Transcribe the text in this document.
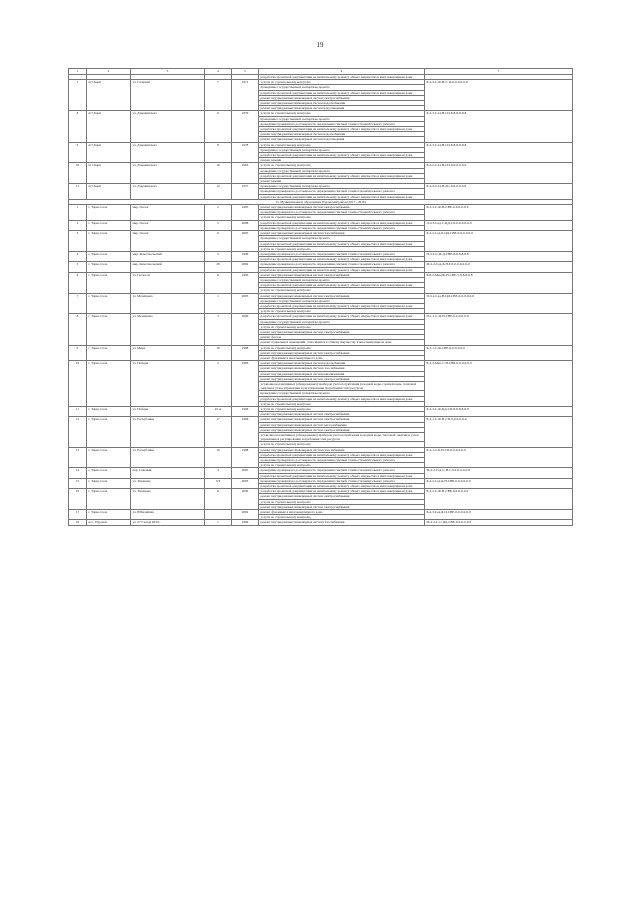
19
1	2	3	4	5	6	7
					разработка проектной документации на капитальному ремонту общего имущества в многоквартирном доме	
7	пгт.Хари	ул. Гагарина	7	1971	услуги по строительному контролю	Б-3-3-С-Ф-Н-С-П-0-0-0-0-0-0
					проведение государственной экспертизы проекта	
					разработка проектной документации на капитальному ремонту общего имущества в многоквартирном доме	
					ремонт внутридомовых инженерных систем электроснабжения	
					ремонт внутридомовых инженерных систем водоснабжения	
					ремонт внутридомовых инженерных систем водоотведения	
8	пгт.Хари	ул. Дзержинского	6	1979	услуги по строительному контролю	Б-3-3-С-Ц-Н-СП-8-8-8-8-8-8
					проведение государственной экспертизы проекта	
					проведение проверки на достоверность определения сметной стоимости капитального ремонта	
					разработка проектной документации на капитальному ремонту общего имущества в многоквартирном доме	
					ремонт внутридомовых инженерных систем водоснабжения	
					ремонт внутридомовых инженерных систем водоотведения	
9	пгт.Хари	ул. Дзержинского	8	1978	услуги по строительному контролю	Б-3-3-С-Ц-Н-СП-8-8-8-8-8-8
					проведение государственной экспертизы проекта	
					разработка проектной документации на капитальному ремонту общего имущества в многоквартирном доме	
					ремонт крыши	
10	пгт.Хари	ул. Дзержинского	10	1963	услуги по строительному контролю	Б-2-2-С-Ц-Н-СП-0-0-0-0-0-0
					проведение государственной экспертизы проекта	
					разработка проектной документации на капитальному ремонту общего имущества в многоквартирном доме	
					ремонт крыши	
11	пгт.Хари	ул. Дзержинского	12	1975	проведение государственной экспертизы проекта	Б-3-4-С-Ц-Н-ДС-0-0-0-0-0-0
					проведение проверки на достоверность определения сметной стоимости капитального ремонта	
					разработка проектной документации на капитальному ремонту общего имущества в многоквартирном доме	
15. Муниципальное образование Пуровский район (2017 - 2019)						
1	г. Тарко-Сале	мкр. Геолог	2	1995	ремонт внутридомовых инженерных систем электроснабжения	Б-3-3-С-Ф-Н-СВЕ-0-0-0-0-0-0
					проведение проверки на достоверность определения сметной стоимости капитального ремонта	
					услуги по строительному контролю	
2	г. Тарко-Сале	мкр. Геолог	5	2008	разработка проектной документации на капитальному ремонту общего имущества в многоквартирном доме	Л-4-3-Сед-С-ЦД-СЛ-0-0-0-0-0-0
					проведение проверки на достоверность определения сметной стоимости капитального ремонта	
3	г. Тарко-Сале	мкр. Геолог	6	2005	ремонт внутридомовых инженерных систем газоснабжения	Б-3-2-Сед-Б-ЦД-СВЕ-0-0-0-0-0-0
					проведение государственной экспертизы проекта	
					разработка проектной документации на капитальному ремонту общего имущества в многоквартирном доме	
					услуги по строительному контролю	
4	г. Тарко-Сале	мкр. Комсомольский	5	1999	проведение проверки на достоверность определения сметной стоимости капитального ремонта	П-3-2-С-Ф-Д-СВЕ-8-8-8-8-8-8
					разработка проектной документации на капитальному ремонту общего имущества в многоквартирном доме	
5	г. Тарко-Сале	мкр. Комсомольский	28	2002	проведение проверки на достоверность определения сметной стоимости капитального ремонта	М-2-2-Сед-Б-Н-СЛ-0-0-0-0-0-0
					разработка проектной документации на капитальному ремонту общего имущества в многоквартирном доме	
6	г. Тарко-Сале	ул. Геологов	11	1993	ремонт внутридомовых инженерных систем электроснабжения	Б-8-2-МеоуФ-Н-СВЕ-5-8-8-8-8-8
					проведение государственной экспертизы проекта	
					разработка проектной документации на капитальному ремонту общего имущества в многоквартирном доме	
					услуги по строительному контролю	
7	г. Тарко-Сале	ул. Мезенцева	1	2005	ремонт внутридомовых инженерных систем электроснабжения	П-3-2-Сед-Н-ЦД-СВЕ-0-0-0-0-0-0
					проведение государственной экспертизы проекта	
					разработка проектной документации на капитальному ремонту общего имущества в многоквартирном доме	
					услуги по строительному контролю	
8	г. Тарко-Сале	ул. Мезенцева	3	2000	разработка проектной документации на капитальному ремонту общего имущества в многоквартирном доме	П-1-1-С-Ц-Н-СВЕ-0-0-0-0-0-0
					проведение государственной экспертизы проекта	
					услуги по строительному контролю	
					ремонт внутридомовых инженерных систем электроснабжения	
					ремонт фасада	
					ремонт подвальных помещений, относящихся к общему имуществу в многоквартирном доме	
9	г. Тарко-Сале	ул. Мира	18	1998	услуги по строительному контролю	Б-3-1-С-Ф-СВЕ-0-0-0-0-0-0
					ремонт внутридомовых инженерных систем электроснабжения	
					ремонт фундамента многоквартирного дома	
10	г. Тарко-Сале	ул. Победы	2	1983	ремонт внутридомовых инженерных систем водоснабжения	Б-3-3-Меп-С-Н-СВБ-0-0-0-0-0-0
					ремонт внутридомовых инженерных систем газоснабжения	
					ремонт внутридомовых инженерных систем канализования	
					ремонт внутридомовых инженерных систем электроснабжения	
					установка коллективных (общедомовых) приборов учета потребления холодной воды, горячей воды, тепловой энергии и узлов управления и регулирования потребления этих ресурсов	
					проведение государственной экспертизы проекта	
					разработка проектной документации на капитальному ремонту общего имущества в многоквартирном доме	
					услуги по строительному контролю	
11	г. Тарко-Сале	ул. Победы	22 А	1996	услуги по строительному контролю	Б-3-3-С-Ф-ЦД-СП-8-8-8-8-8-8
					ремонт внутридомовых инженерных систем электроснабжения	
12	г. Тарко-Сале	ул. Республики	17	1996	ремонт внутридомовых инженерных систем электроснабжения	Б-3-1-С-Ф-Н-СП-0-0-0-0-0-0
					ремонт внутридомовых инженерных систем теплоснабжения	
					ремонт внутридомовых инженерных систем электроснабжения	
					установка коллективных (общедомовых) приборов учета потребления холодной воды, тепловой энергии и узлов управления и регулирования потребления этих ресурсов	
					услуги по строительному контролю	
13	г. Тарко-Сале	ул. Республики	19	1998	ремонт внутридомовых инженерных систем газоснабжения	Б-3-1-С-Б-Н-СП-0-0-0-0-0-0
					разработка проектной документации на капитальному ремонту общего имущества в многоквартирном доме	
					проведение проверки на достоверность определения сметной стоимости капитального ремонта	
					услуги по строительному контролю	
14	г. Тарко-Сале	пер. Cевеный	4	2005	проведение проверки на достоверность определения сметной стоимости капитального ремонта	М-2-2-Сед-С-Н-СЛ-0-0-0-0-0-0
					разработка проектной документации на капитальному ремонту общего имущества в многоквартирном доме	
15	г. Тарко-Сале	ул. Тиханова	3/3	2003	проведение проверки на достоверность определения сметной стоимости капитального ремонта	Б-4-2-Сед-Б-Н-СВБ-0-0-0-0-0-0
					разработка проектной документации на капитальному ремонту общего имущества в многоквартирном доме	
16	г. Тарко-Сале	ул. Тиханова	11	2000	разработка проектной документации на капитальному ремонту общего имущества в многоквартирном доме	Б-3-2-С-Ф-Н-СВБ-0-0-0-0-0-0
					ремонт внутридомовых инженерных систем электроснабжения	
					услуги по строительному контролю	
					ремонт внутридомовых инженерных систем электроснабжения	
17	г. Тарко-Сале	ул. Юбилейная		2002	ремонт фундамента многоквартирного дома	Б-4-3-Сед-Б-Ц-СВЕ-0-0-0-0-0-0
					услуги по строительному контролю	
18	пос. Пуровск	ул. 27 Съезда КПсС	1	1966	ремонт внутридомовых инженерных систем газоснабжения	М-2-2-С-С-ЦД-СВЕ-0-0-0-0-0-0
